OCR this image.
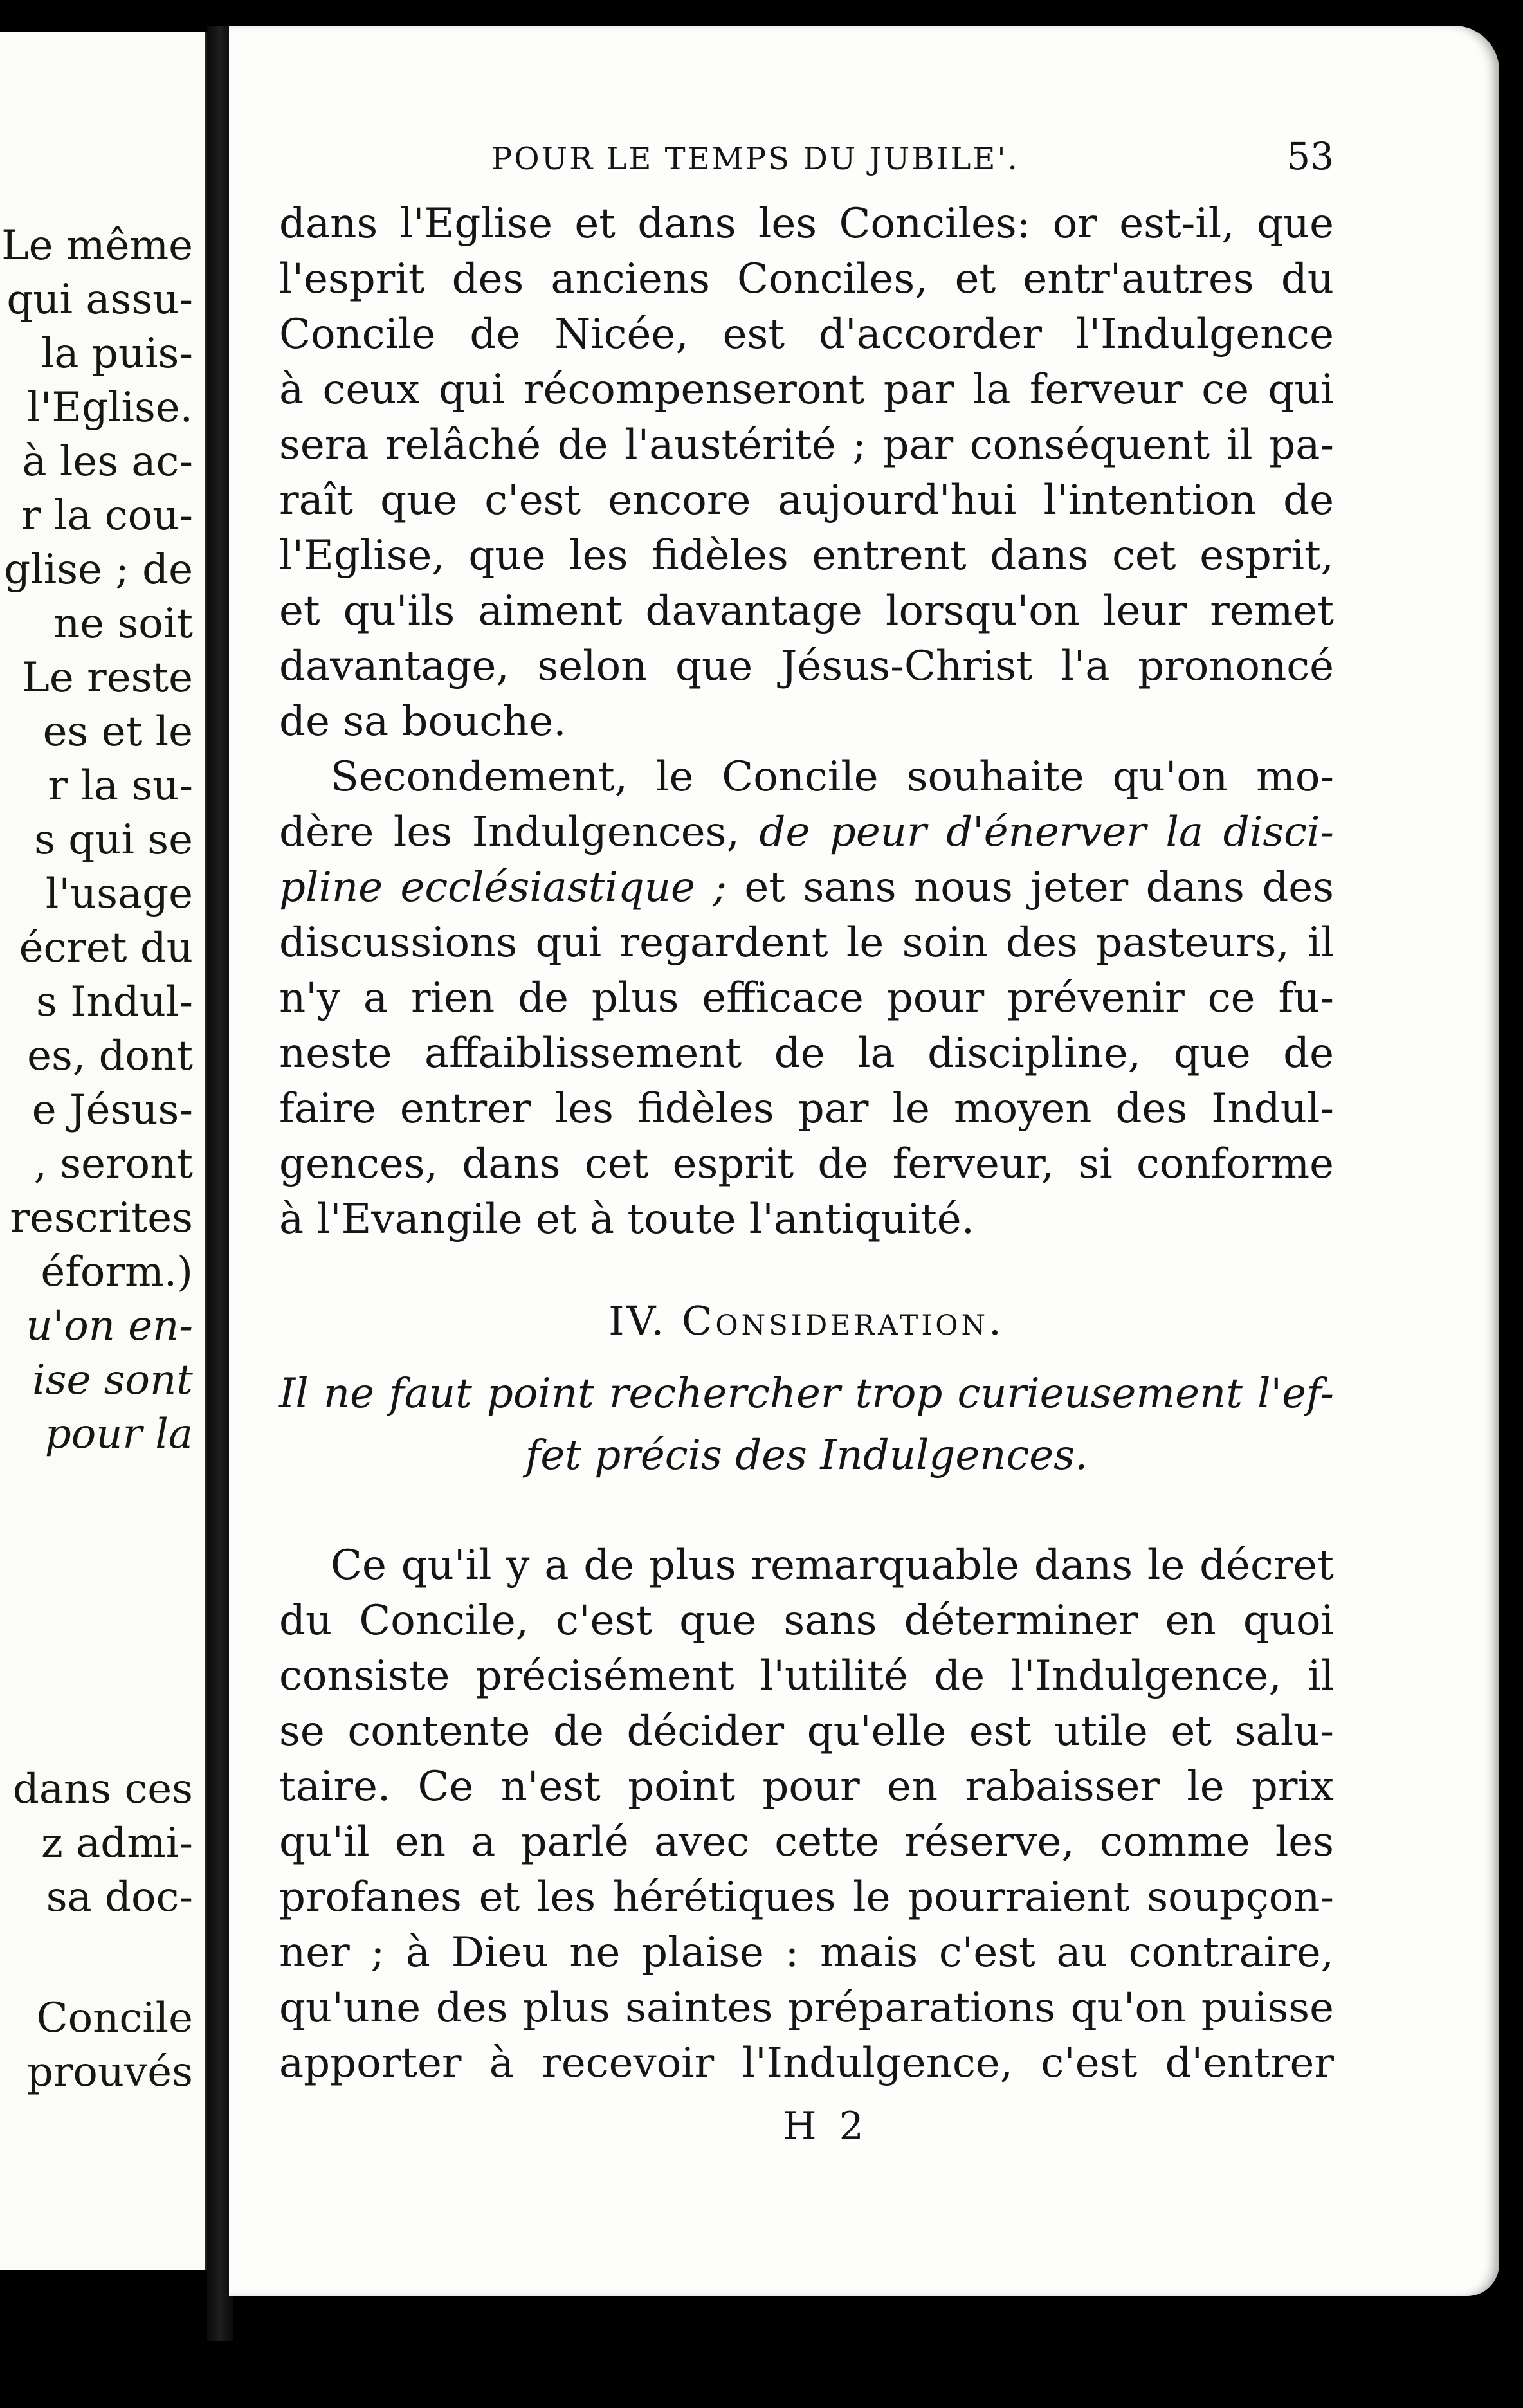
Le même
qui assu-
la puis-
l'Eglise.
à les ac-
r la cou-
glise ; de
ne soit
Le reste
es et le
r la su-
s qui se
l'usage
écret du
s Indul-
es, dont
e Jésus-
, seront
rescrites
éform.)
u'on en-
ise sont
pour la
dans ces
z admi-
sa doc-
Concile
prouvés
POUR LE TEMPS DU JUBILE'.	53
dans l'Eglise et dans les Conciles: or est-il, que
l'esprit des anciens Conciles, et entr'autres du
Concile de Nicée, est d'accorder l'Indulgence
à ceux qui récompenseront par la ferveur ce qui
sera relâché de l'austérité ; par conséquent il pa-
raît que c'est encore aujourd'hui l'intention de
l'Eglise, que les fidèles entrent dans cet esprit,
et qu'ils aiment davantage lorsqu'on leur remet
davantage, selon que Jésus-Christ l'a prononcé
de sa bouche.
Secondement, le Concile souhaite qu'on mo-
dère les Indulgences, de peur d'énerver la disci-
pline ecclésiastique ; et sans nous jeter dans des
discussions qui regardent le soin des pasteurs, il
n'y a rien de plus efficace pour prévenir ce fu-
neste affaiblissement de la discipline, que de
faire entrer les fidèles par le moyen des Indul-
gences, dans cet esprit de ferveur, si conforme
à l'Evangile et à toute l'antiquité.
IV. Consideration.
Il ne faut point rechercher trop curieusement l'ef-
fet précis des Indulgences.
Ce qu'il y a de plus remarquable dans le décret
du Concile, c'est que sans déterminer en quoi
consiste précisément l'utilité de l'Indulgence, il
se contente de décider qu'elle est utile et salu-
taire. Ce n'est point pour en rabaisser le prix
qu'il en a parlé avec cette réserve, comme les
profanes et les hérétiques le pourraient soupçon-
ner ; à Dieu ne plaise : mais c'est au contraire,
qu'une des plus saintes préparations qu'on puisse
apporter à recevoir l'Indulgence, c'est d'entrer
H 2
